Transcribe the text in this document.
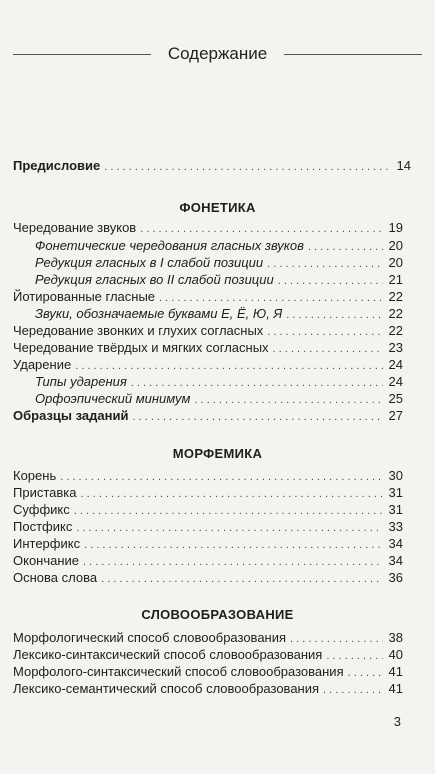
Содержание
Предисловие . . .	14
ФОНЕТИКА
Чередование звуков . . .	19
Фонетические чередования гласных звуков . . .	20
Редукция гласных в I слабой позиции . . .	20
Редукция гласных во II слабой позиции . . .	21
Йотированные гласные . . .	22
Звуки, обозначаемые буквами Е, Ё, Ю, Я . . .	22
Чередование звонких и глухих согласных . . .	22
Чередование твёрдых и мягких согласных . . .	23
Ударение . . .	24
Типы ударения . . .	24
Орфоэпический минимум . . .	25
Образцы заданий . . .	27
МОРФЕМИКА
Корень . . .	30
Приставка . . .	31
Суффикс . . .	31
Постфикс . . .	33
Интерфикс . . .	34
Окончание . . .	34
Основа слова . . .	36
СЛОВООБРАЗОВАНИЕ
Морфологический способ словообразования . . .	38
Лексико-синтаксический способ словообразования . . .	40
Морфолого-синтаксический способ словообразования . . .	41
Лексико-семантический способ словообразования . . .	41
3
